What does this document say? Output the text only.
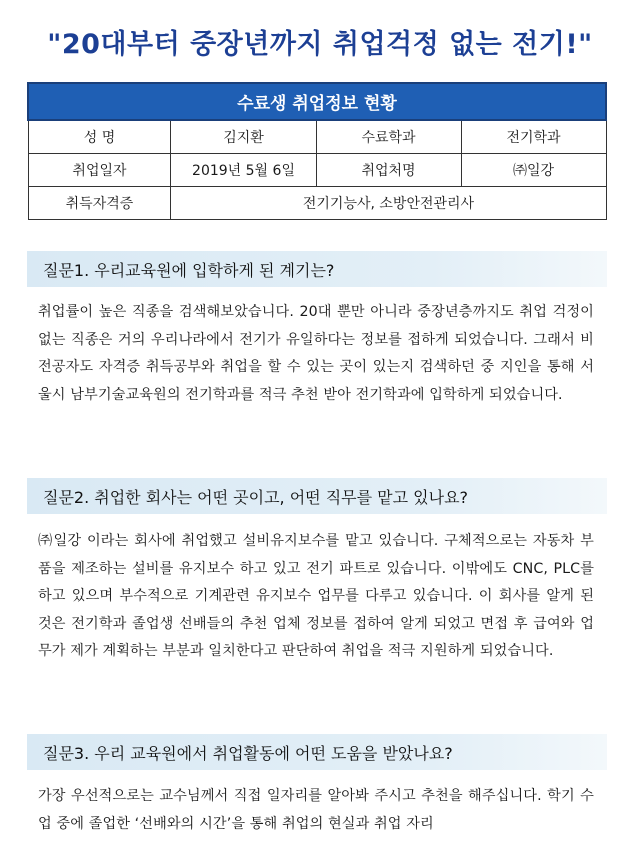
"20대부터 중장년까지 취업걱정 없는 전기!"
수료생 취업정보 현황			
성 명	김지환	수료학과	전기학과
취업일자	2019년 5월 6일	취업처명	㈜일강
취득자격증	전기기능사, 소방안전관리사		
질문1. 우리교육원에 입학하게 된 계기는?
취업률이 높은 직종을 검색해보았습니다. 20대 뿐만 아니라 중장년층까지도 취업 걱정이 없는 직종은 거의 우리나라에서 전기가 유일하다는 정보를 접하게 되었습니다. 그래서 비전공자도 자격증 취득공부와 취업을 할 수 있는 곳이 있는지 검색하던 중 지인을 통해 서울시 남부기술교육원의 전기학과를 적극 추천 받아 전기학과에 입학하게 되었습니다.
질문2. 취업한 회사는 어떤 곳이고, 어떤 직무를 맡고 있나요?
㈜일강 이라는 회사에 취업했고 설비유지보수를 맡고 있습니다. 구체적으로는 자동차 부품을 제조하는 설비를 유지보수 하고 있고 전기 파트로 있습니다. 이밖에도 CNC, PLC를 하고 있으며 부수적으로 기계관련 유지보수 업무를 다루고 있습니다. 이 회사를 알게 된 것은 전기학과 졸업생 선배들의 추천 업체 정보를 접하여 알게 되었고 면접 후 급여와 업무가 제가 계획하는 부분과 일치한다고 판단하여 취업을 적극 지원하게 되었습니다.
질문3. 우리 교육원에서 취업활동에 어떤 도움을 받았나요?
가장 우선적으로는 교수님께서 직접 일자리를 알아봐 주시고 추천을 해주십니다. 학기 수업 중에 졸업한 ‘선배와의 시간’을 통해 취업의 현실과 취업 자리
